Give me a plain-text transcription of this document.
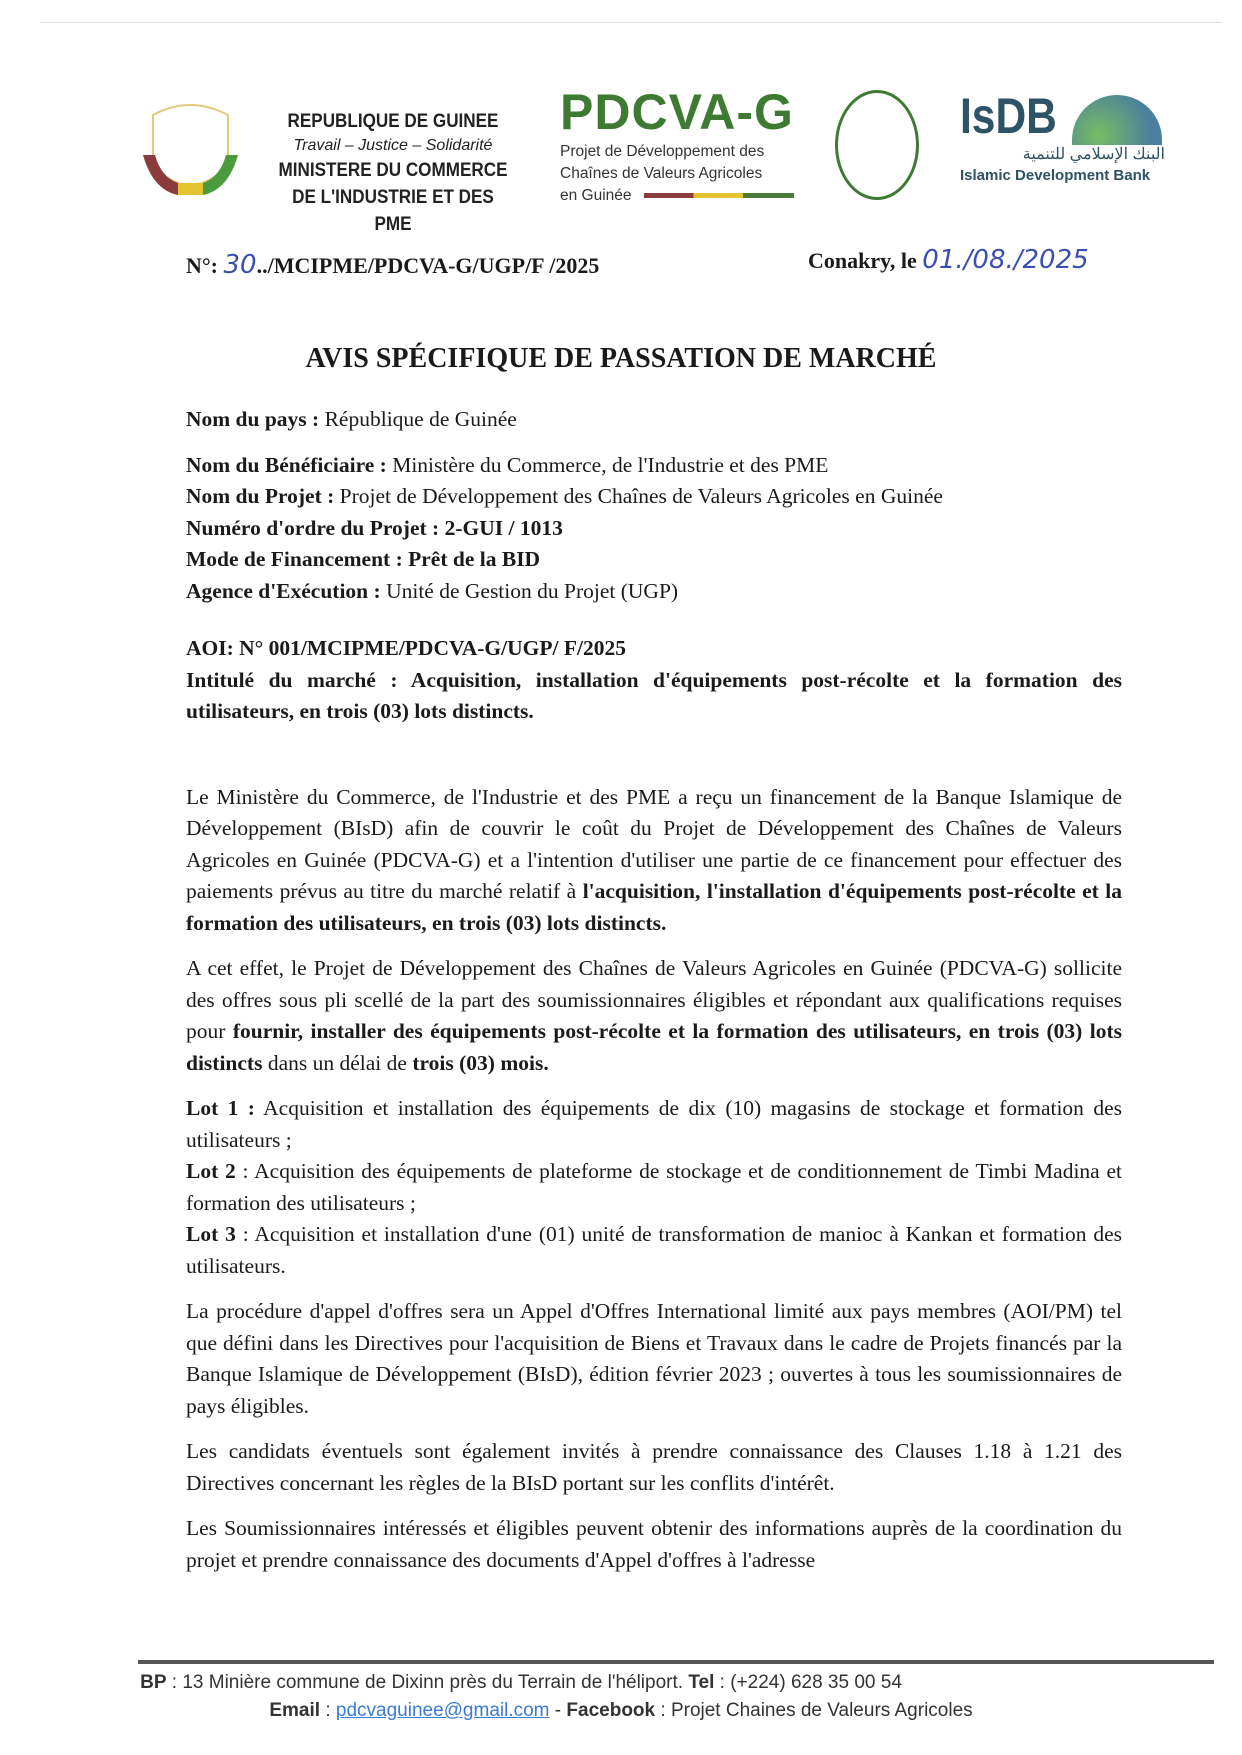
REPUBLIQUE DE GUINEE
Travail – Justice – Solidarité
MINISTERE DU COMMERCE
DE L'INDUSTRIE ET DES PME
PDCVA-G
Projet de Développement des
Chaînes de Valeurs Agricoles
en Guinée
IsDB
البنك الإسلامي للتنمية
Islamic Development Bank
N°: 30../MCIPME/PDCVA-G/UGP/F /2025	Conakry, le 01./08./2025
AVIS SPÉCIFIQUE DE PASSATION DE MARCHÉ

Nom du pays : République de Guinée

Nom du Bénéficiaire : Ministère du Commerce, de l'Industrie et des PME
Nom du Projet : Projet de Développement des Chaînes de Valeurs Agricoles en Guinée
Numéro d'ordre du Projet : 2-GUI / 1013
Mode de Financement : Prêt de la BID

Agence d'Exécution : Unité de Gestion du Projet (UGP)

AOI: N° 001/MCIPME/PDCVA-G/UGP/ F/2025

Intitulé du marché : Acquisition, installation d'équipements post-récolte et la formation des utilisateurs, en trois (03) lots distincts.

Le Ministère du Commerce, de l'Industrie et des PME a reçu un financement de la Banque Islamique de Développement (BIsD) afin de couvrir le coût du Projet de Développement des Chaînes de Valeurs Agricoles en Guinée (PDCVA-G) et a l'intention d'utiliser une partie de ce financement pour effectuer des paiements prévus au titre du marché relatif à l'acquisition, l'installation d'équipements post-récolte et la formation des utilisateurs, en trois (03) lots distincts.

A cet effet, le Projet de Développement des Chaînes de Valeurs Agricoles en Guinée (PDCVA-G) sollicite des offres sous pli scellé de la part des soumissionnaires éligibles et répondant aux qualifications requises pour fournir, installer des équipements post-récolte et la formation des utilisateurs, en trois (03) lots distincts dans un délai de trois (03) mois.

Lot 1 : Acquisition et installation des équipements de dix (10) magasins de stockage et formation des utilisateurs ;
Lot 2 : Acquisition des équipements de plateforme de stockage et de conditionnement de Timbi Madina et formation des utilisateurs ;

Lot 3 : Acquisition et installation d'une (01) unité de transformation de manioc à Kankan et formation des utilisateurs.

La procédure d'appel d'offres sera un Appel d'Offres International limité aux pays membres (AOI/PM) tel que défini dans les Directives pour l'acquisition de Biens et Travaux dans le cadre de Projets financés par la Banque Islamique de Développement (BIsD), édition février 2023 ; ouvertes à tous les soumissionnaires de pays éligibles.

Les candidats éventuels sont également invités à prendre connaissance des Clauses 1.18 à 1.21 des Directives concernant les règles de la BIsD portant sur les conflits d'intérêt.

Les Soumissionnaires intéressés et éligibles peuvent obtenir des informations auprès de la coordination du projet et prendre connaissance des documents d'Appel d'offres à l'adresse

BP : 13 Minière commune de Dixinn près du Terrain de l'héliport. Tel : (+224) 628 35 00 54
Email : pdcvaguinee@gmail.com - Facebook : Projet Chaines de Valeurs Agricoles
